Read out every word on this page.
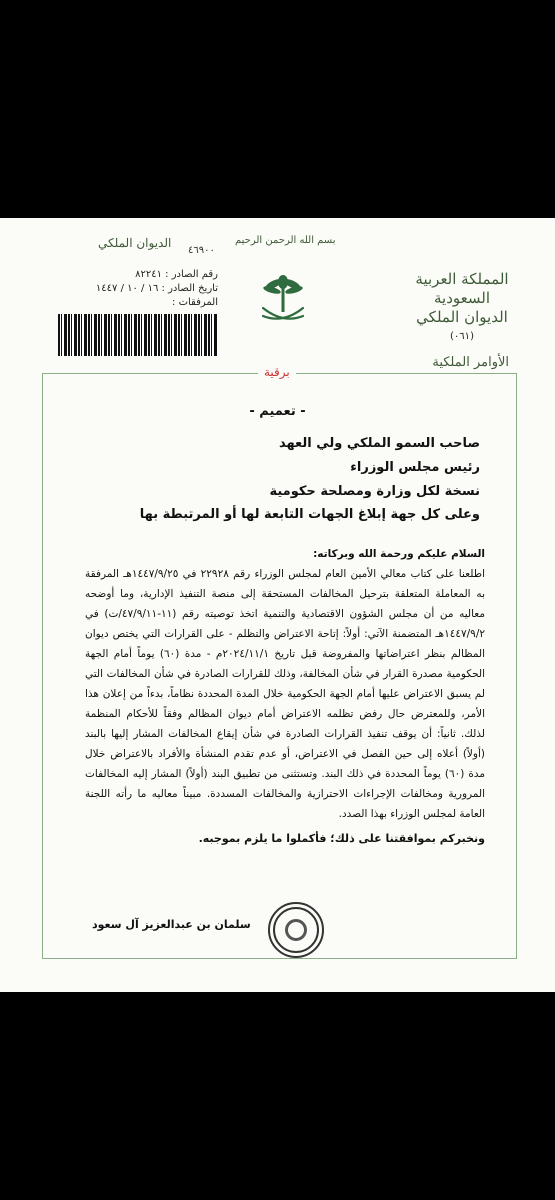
الديوان الملكي
٤٦٩٠٠
بسم الله الرحمن الرحيم
المملكة العربية السعودية
الديوان الملكي
(٠٦١)
الأوامر الملكية
رقم الصادر : ٨٢٢٤١
تاريخ الصادر : ١٦ / ١٠ / ١٤٤٧
المرفقات :
برقية
- تعميم -
صاحب السمو الملكي ولي العهد
رئيس مجلس الوزراء
نسخة لكل وزارة ومصلحة حكومية
وعلى كل جهة إبلاغ الجهات التابعة لها أو المرتبطة بها
السلام عليكم ورحمة الله وبركاته:
اطلعنا على كتاب معالي الأمين العام لمجلس الوزراء رقم ٢٢٩٢٨ في ١٤٤٧/٩/٢٥هـ المرفقة به المعاملة المتعلقة بترحيل المخالفات المستحقة إلى منصة التنفيذ الإدارية، وما أوضحه معاليه من أن مجلس الشؤون الاقتصادية والتنمية اتخذ توصيته رقم (١١-٤٧/٩/١١/ت) في ١٤٤٧/٩/٢هـ المتضمنة الآتي: أولاً: إتاحة الاعتراض والتظلم - على القرارات التي يختص ديوان المظالم بنظر اعتراضاتها والمفروضة قبل تاريخ ٢٠٢٤/١١/١م - مدة (٦٠) يوماً أمام الجهة الحكومية مصدرة القرار في شأن المخالفة، وذلك للقرارات الصادرة في شأن المخالفات التي لم يسبق الاعتراض عليها أمام الجهة الحكومية خلال المدة المحددة نظاماً، بدءاً من إعلان هذا الأمر، وللمعترض حال رفض تظلمه الاعتراض أمام ديوان المظالم وفقاً للأحكام المنظمة لذلك. ثانياً: أن يوقف تنفيذ القرارات الصادرة في شأن إيقاع المخالفات المشار إليها بالبند (أولاً) أعلاه إلى حين الفصل في الاعتراض، أو عدم تقدم المنشأة والأفراد بالاعتراض خلال مدة (٦٠) يوماً المحددة في ذلك البند. وتستثنى من تطبيق البند (أولاً) المشار إليه المخالفات المرورية ومخالفات الإجراءات الاحترازية والمخالفات المسددة. مبيناً معاليه ما رأته اللجنة العامة لمجلس الوزراء بهذا الصدد.
ونخبركم بموافقتنا على ذلك؛ فأكملوا ما يلزم بموجبه.
سلمان بن عبدالعزيز آل سعود
